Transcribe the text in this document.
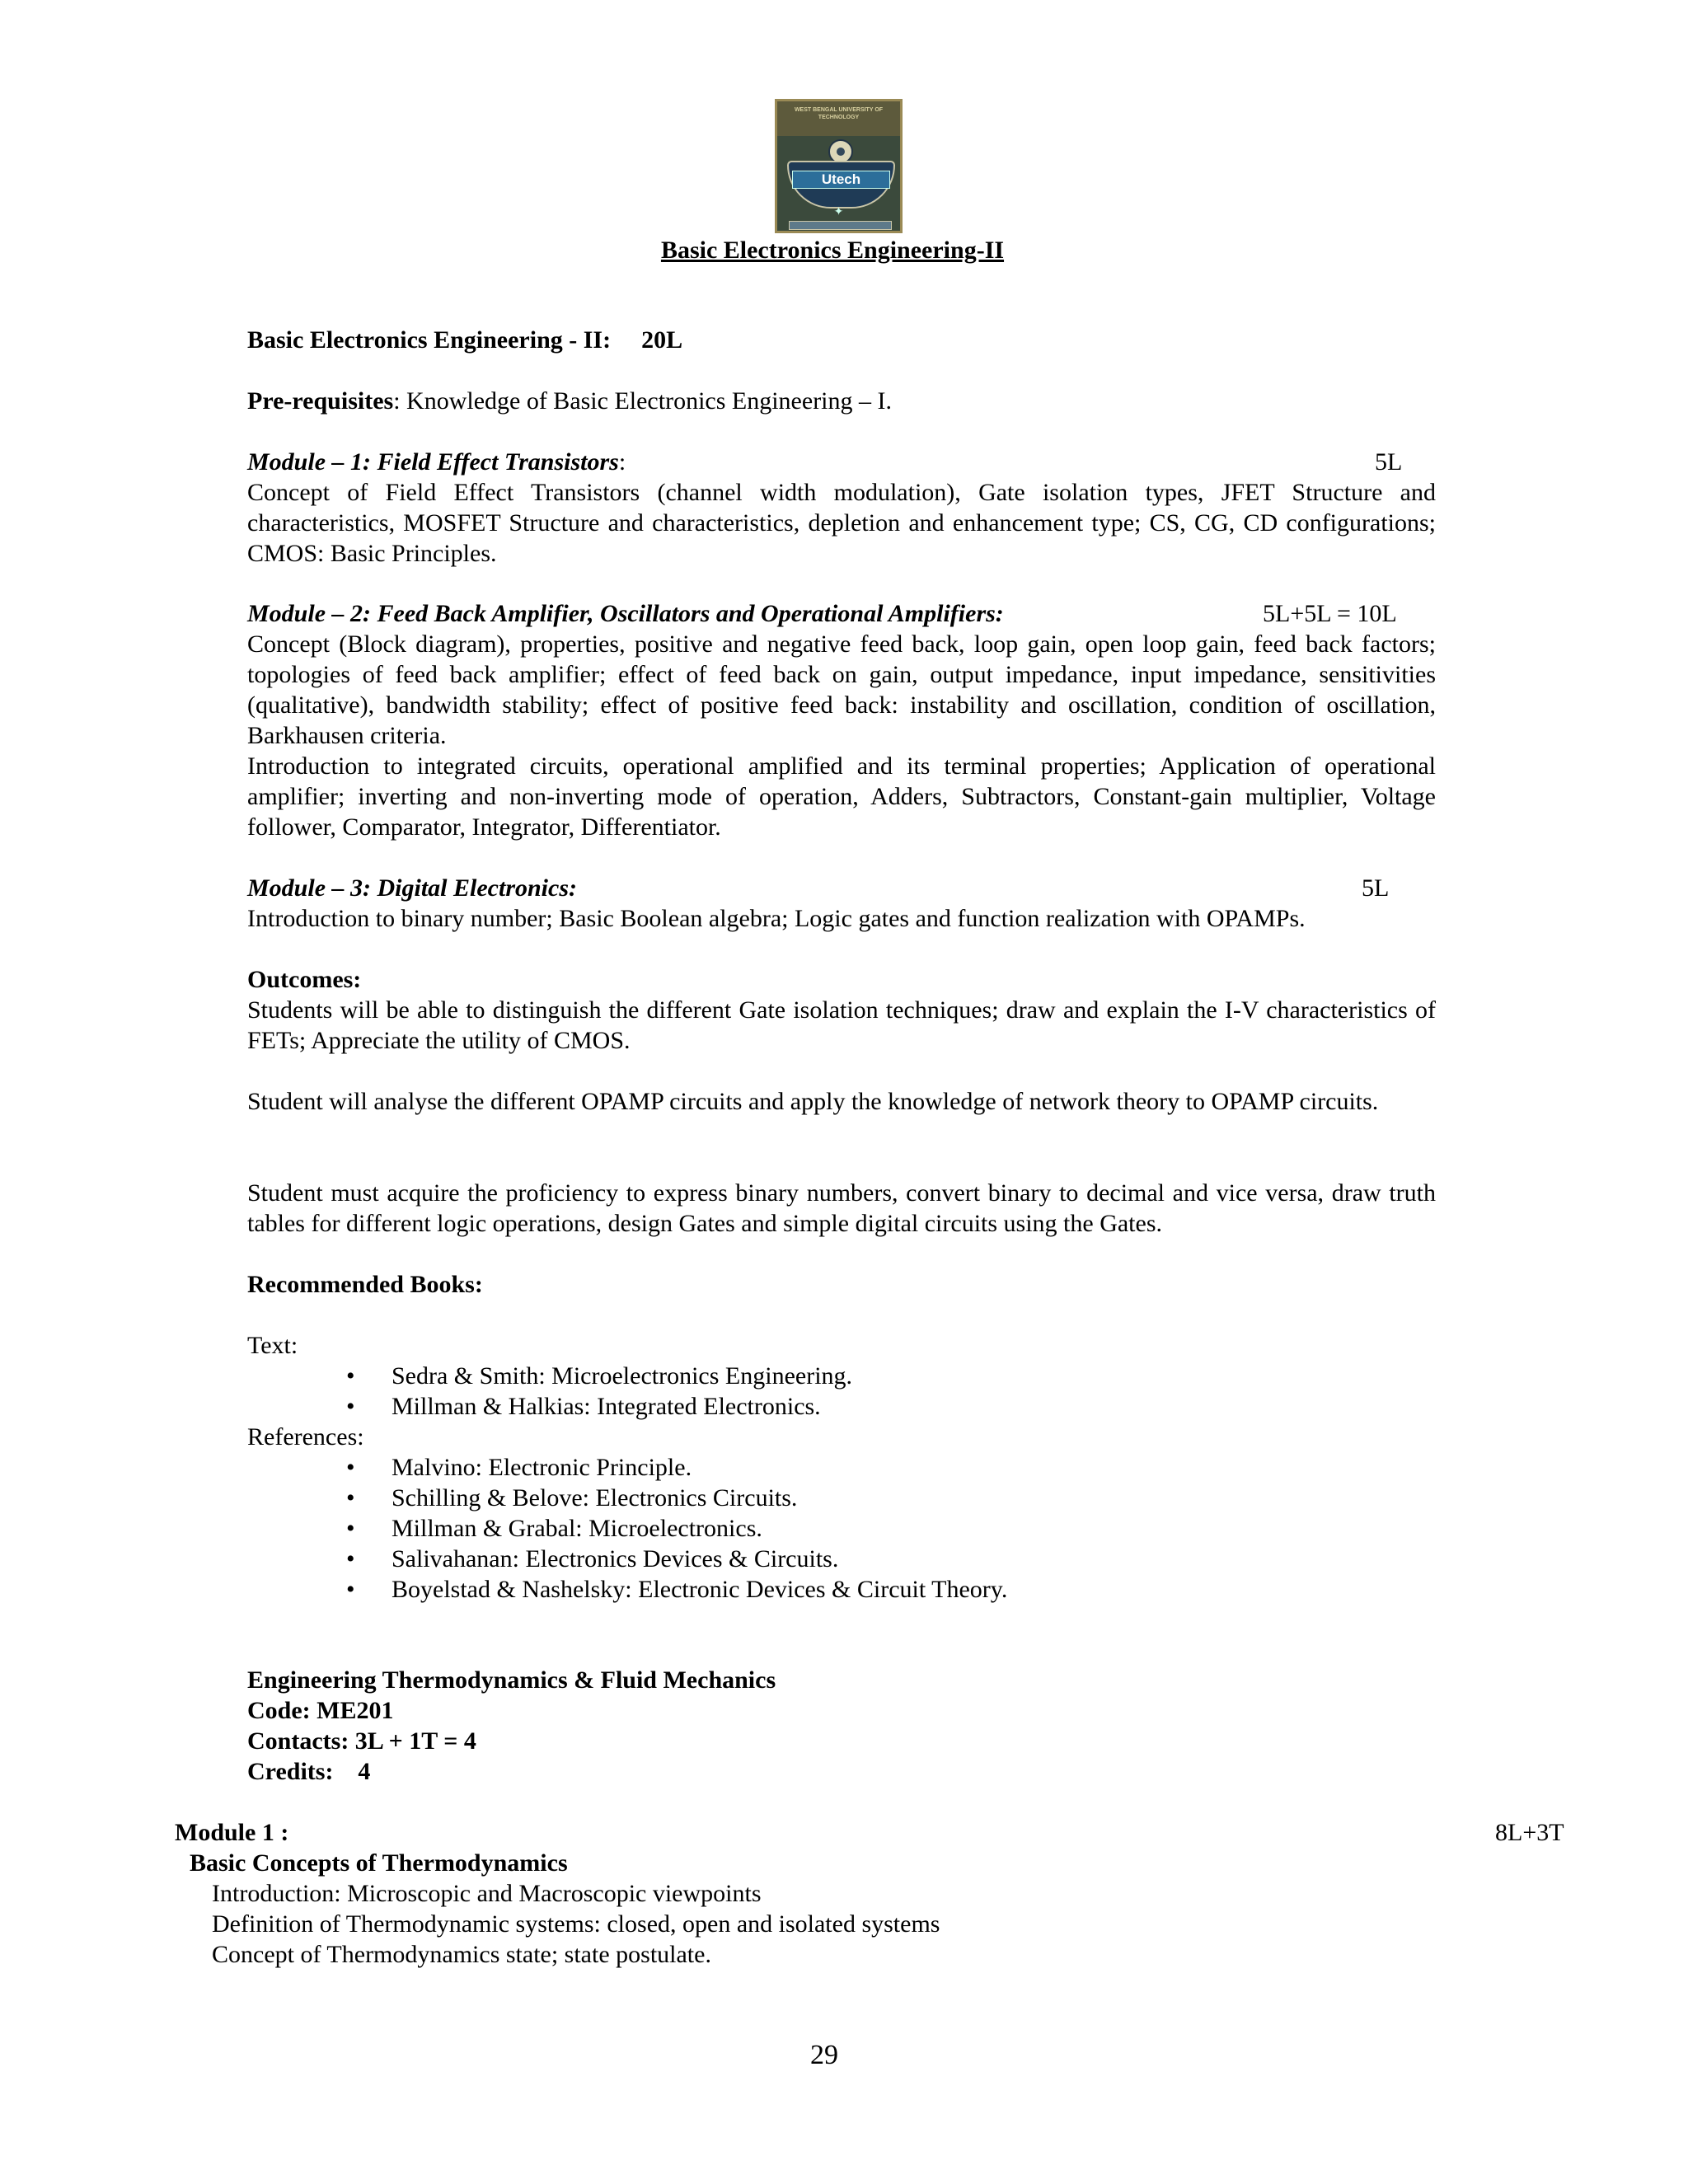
WEST BENGAL UNIVERSITY OF TECHNOLOGY
Utech
✦
Basic Electronics Engineering-II
Basic Electronics Engineering - II: 20L
Pre-requisites: Knowledge of Basic Electronics Engineering – I.
Module – 1: Field Effect Transistors:	5L
Concept of Field Effect Transistors (channel width modulation), Gate isolation types, JFET Structure and characteristics, MOSFET Structure and characteristics, depletion and enhancement type; CS, CG, CD configurations; CMOS: Basic Principles.
Module – 2: Feed Back Amplifier, Oscillators and Operational Amplifiers:	5L+5L = 10L
Concept (Block diagram), properties, positive and negative feed back, loop gain, open loop gain, feed back factors; topologies of feed back amplifier; effect of feed back on gain, output impedance, input impedance, sensitivities (qualitative), bandwidth stability; effect of positive feed back: instability and oscillation, condition of oscillation, Barkhausen criteria.
Introduction to integrated circuits, operational amplified and its terminal properties; Application of operational amplifier; inverting and non-inverting mode of operation, Adders, Subtractors, Constant-gain multiplier, Voltage follower, Comparator, Integrator, Differentiator.
Module – 3: Digital Electronics:	5L
Introduction to binary number; Basic Boolean algebra; Logic gates and function realization with OPAMPs.
Outcomes:
Students will be able to distinguish the different Gate isolation techniques; draw and explain the I-V characteristics of FETs; Appreciate the utility of CMOS.
Student will analyse the different OPAMP circuits and apply the knowledge of network theory to OPAMP circuits.
Student must acquire the proficiency to express binary numbers, convert binary to decimal and vice versa, draw truth tables for different logic operations, design Gates and simple digital circuits using the Gates.
Recommended Books:
Text:
• Sedra & Smith: Microelectronics Engineering.
• Millman & Halkias: Integrated Electronics.
References:
• Malvino: Electronic Principle.
• Schilling & Belove: Electronics Circuits.
• Millman & Grabal: Microelectronics.
• Salivahanan: Electronics Devices & Circuits.
• Boyelstad & Nashelsky: Electronic Devices & Circuit Theory.
Engineering Thermodynamics & Fluid Mechanics
Code: ME201
Contacts: 3L + 1T = 4
Credits:    4
Module 1 :	8L+3T
Basic Concepts of Thermodynamics
Introduction: Microscopic and Macroscopic viewpoints
Definition of Thermodynamic systems: closed, open and isolated systems
Concept of Thermodynamics state; state postulate.
29
